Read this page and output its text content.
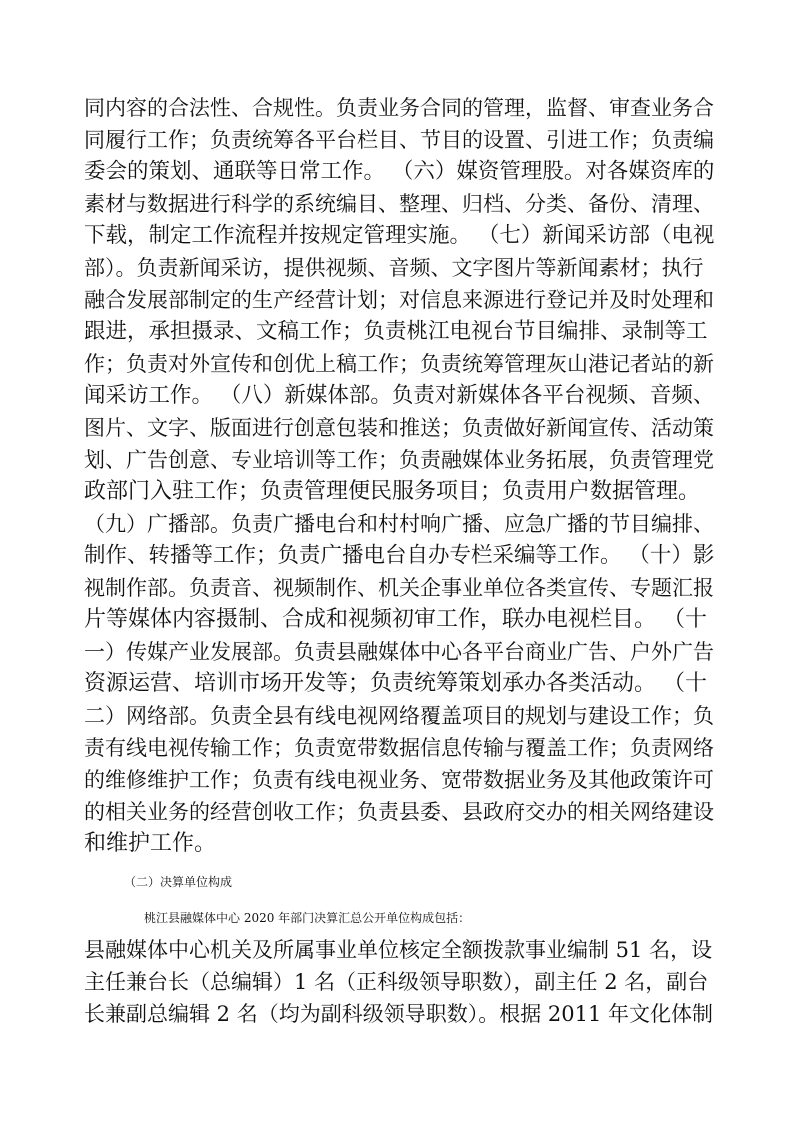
同内容的合法性、合规性。负责业务合同的管理，监督、审查业务合
同履行工作；负责统筹各平台栏目、节目的设置、引进工作；负责编
委会的策划、通联等日常工作。 （六）媒资管理股。对各媒资库的
素材与数据进行科学的系统编目、整理、归档、分类、备份、清理、
下载，制定工作流程并按规定管理实施。 （七）新闻采访部（电视
部）。负责新闻采访，提供视频、音频、文字图片等新闻素材；执行
融合发展部制定的生产经营计划；对信息来源进行登记并及时处理和
跟进，承担摄录、文稿工作；负责桃江电视台节目编排、录制等工
作；负责对外宣传和创优上稿工作；负责统筹管理灰山港记者站的新
闻采访工作。 （八）新媒体部。负责对新媒体各平台视频、音频、
图片、文字、版面进行创意包装和推送；负责做好新闻宣传、活动策
划、广告创意、专业培训等工作；负责融媒体业务拓展，负责管理党
政部门入驻工作；负责管理便民服务项目；负责用户数据管理。
（九）广播部。负责广播电台和村村响广播、应急广播的节目编排、
制作、转播等工作；负责广播电台自办专栏采编等工作。 （十）影
视制作部。负责音、视频制作、机关企事业单位各类宣传、专题汇报
片等媒体内容摄制、合成和视频初审工作，联办电视栏目。 （十
一）传媒产业发展部。负责县融媒体中心各平台商业广告、户外广告
资源运营、培训市场开发等；负责统筹策划承办各类活动。 （十
二）网络部。负责全县有线电视网络覆盖项目的规划与建设工作；负
责有线电视传输工作；负责宽带数据信息传输与覆盖工作；负责网络
的维修维护工作；负责有线电视业务、宽带数据业务及其他政策许可
的相关业务的经营创收工作；负责县委、县政府交办的相关网络建设
和维护工作。
（二）决算单位构成
桃江县融媒体中心 2020 年部门决算汇总公开单位构成包括：
县融媒体中心机关及所属事业单位核定全额拨款事业编制 51 名，设
主任兼台长（总编辑）1 名（正科级领导职数），副主任 2 名，副台
长兼副总编辑 2 名（均为副科级领导职数）。根据 2011 年文化体制
